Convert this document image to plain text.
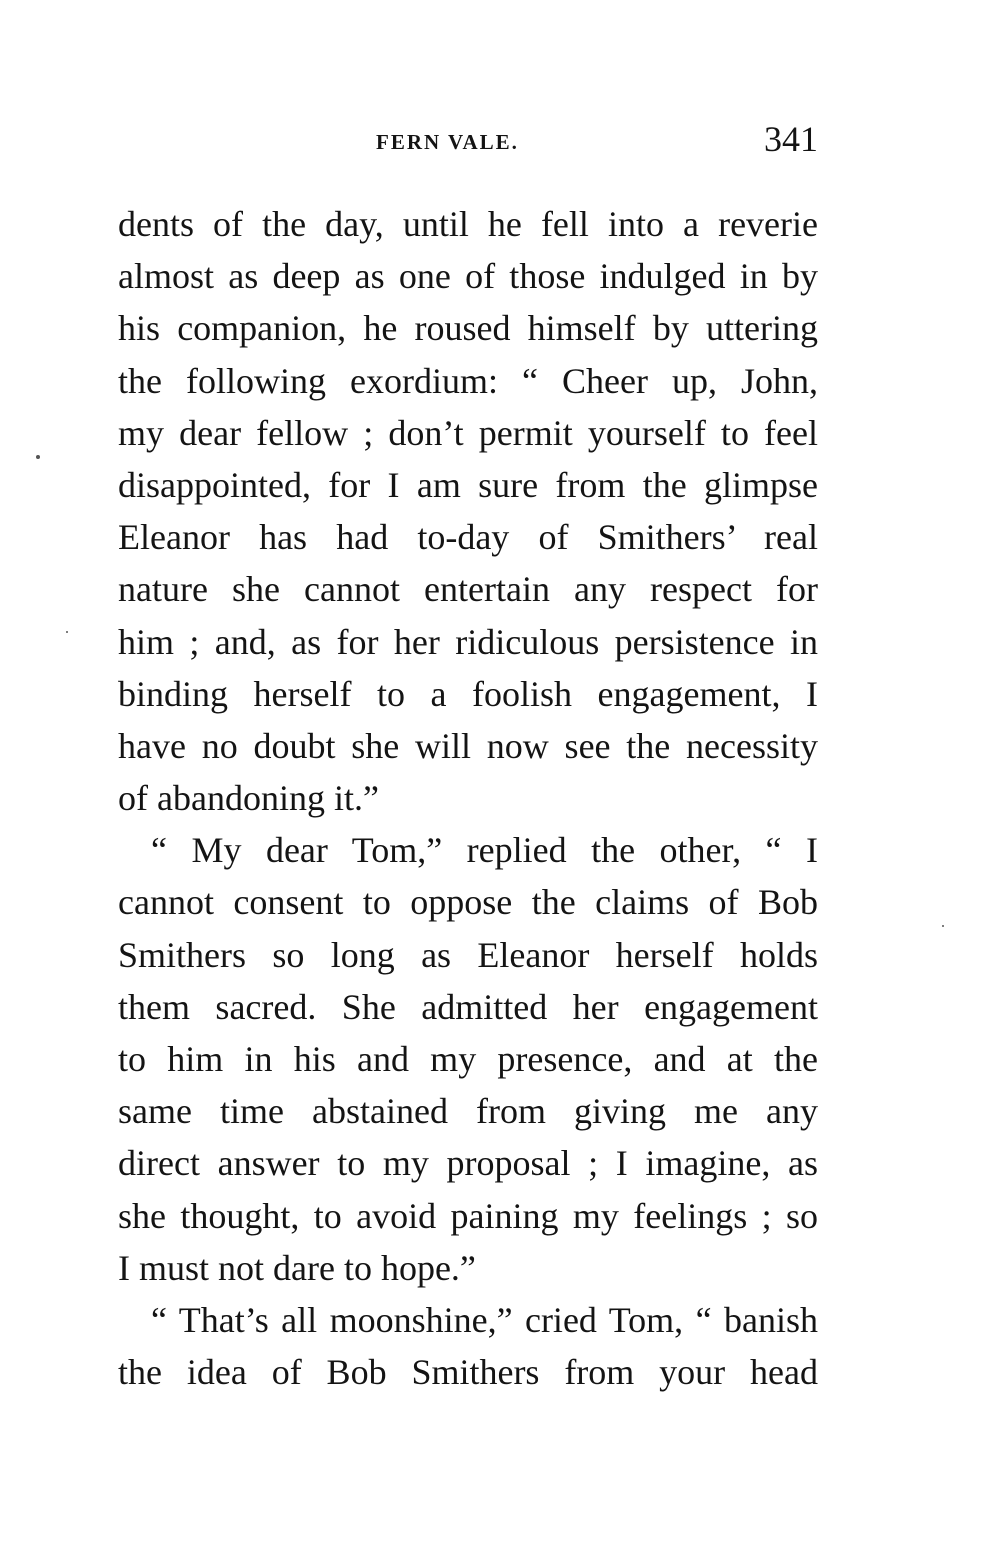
FERN VALE.	341
dents of the day, until he fell into a reverie
almost as deep as one of those indulged in by
his companion, he roused himself by uttering
the following exordium: “ Cheer up, John,
my dear fellow ; don’t permit yourself to feel
disappointed, for I am sure from the glimpse
Eleanor has had to-day of Smithers’ real
nature she cannot entertain any respect for
him ; and, as for her ridiculous persistence in
binding herself to a foolish engagement, I
have no doubt she will now see the necessity
of abandoning it.”
“ My dear Tom,” replied the other, “ I
cannot consent to oppose the claims of Bob
Smithers so long as Eleanor herself holds
them sacred. She admitted her engagement
to him in his and my presence, and at the
same time abstained from giving me any
direct answer to my proposal ; I imagine, as
she thought, to avoid paining my feelings ; so
I must not dare to hope.”
“ That’s all moonshine,” cried Tom, “ banish
the idea of Bob Smithers from your head
